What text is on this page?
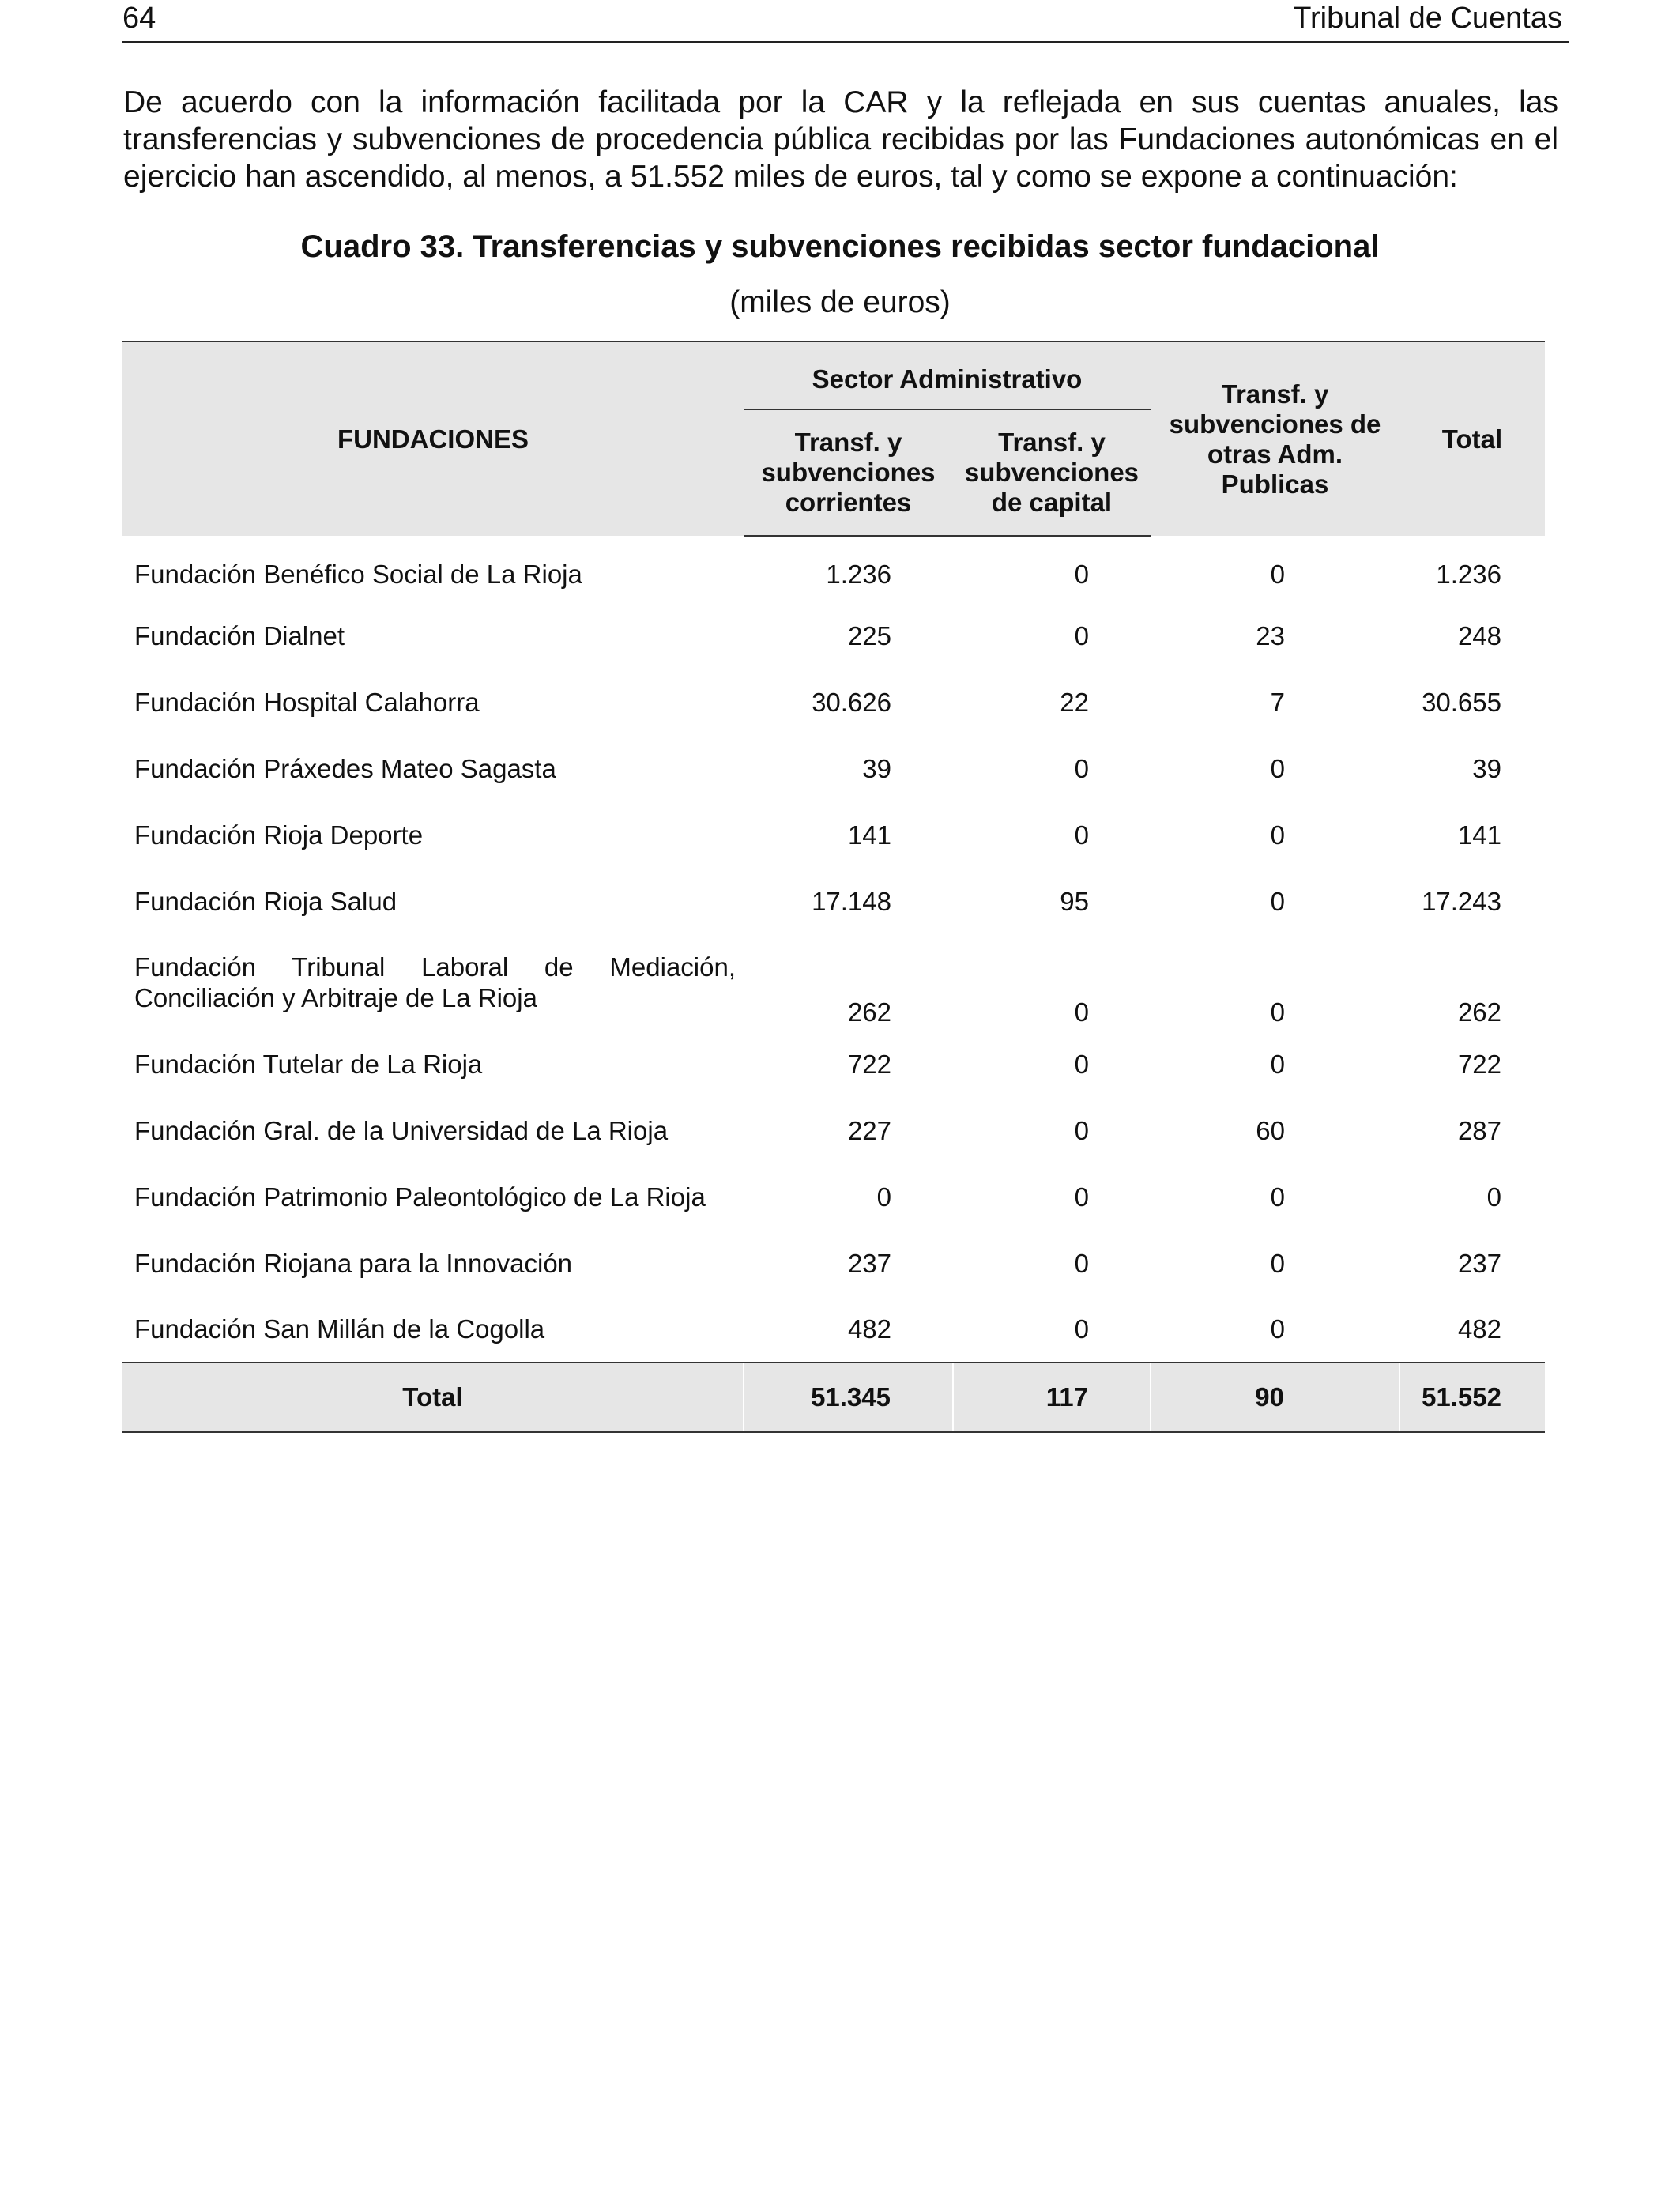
64	Tribunal de Cuentas

De acuerdo con la información facilitada por la CAR y la reflejada en sus cuentas anuales, las transferencias y subvenciones de procedencia pública recibidas por las Fundaciones autonómicas en el ejercicio han ascendido, al menos, a 51.552 miles de euros, tal y como se expone a continuación:

Cuadro 33. Transferencias y subvenciones recibidas sector fundacional
(miles de euros)
FUNDACIONES	Sector Administrativo		Transf. y subvenciones de otras Adm. Publicas	Total
	Transf. y subvenciones corrientes	Transf. y subvenciones de capital		
Fundación Benéfico Social de La Rioja	1.236	0	0	1.236
Fundación Dialnet	225	0	23	248
Fundación Hospital Calahorra	30.626	22	7	30.655
Fundación Práxedes Mateo Sagasta	39	0	0	39
Fundación Rioja Deporte	141	0	0	141
Fundación Rioja Salud	17.148	95	0	17.243

Fundación Tribunal Laboral de Mediación, Conciliación y Arbitraje de La Rioja	262	0	0	262
Fundación Tutelar de La Rioja	722	0	0	722
Fundación Gral. de la Universidad de La Rioja	227	0	60	287
Fundación Patrimonio Paleontológico de La Rioja	0	0	0	0
Fundación Riojana para la Innovación	237	0	0	237
Fundación San Millán de la Cogolla	482	0	0	482
Total	51.345	117	90	51.552
